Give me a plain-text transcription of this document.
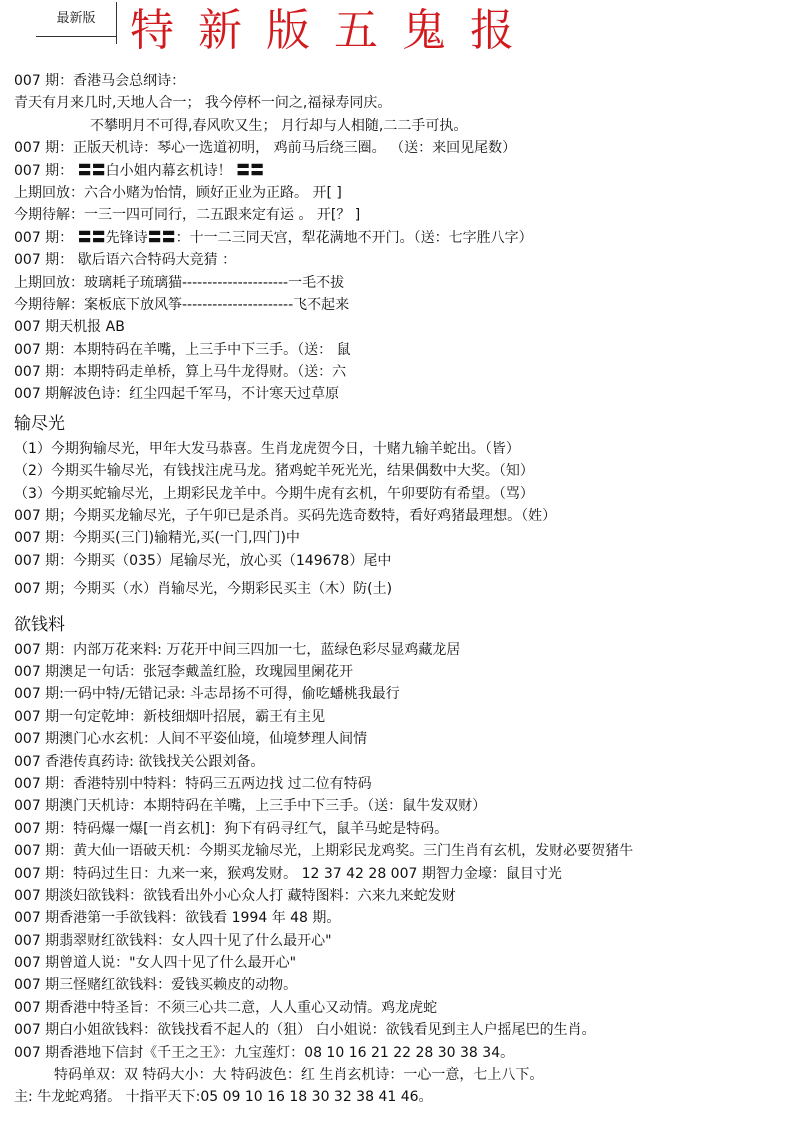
最新版 特新版五鬼报
007 期：香港马会总纲诗：
青天有月来几时,天地人合一； 我今停杯一问之,福禄寿同庆。
不攀明月不可得,春风吹又生； 月行却与人相随,二二手可执。
007 期：正版天机诗：琴心一选道初明， 鸡前马后绕三圈。 （送：来回见尾数）
007 期： 〓〓白小姐内幕玄机诗！ 〓〓
上期回放：六合小赌为怡情，顾好正业为正路。 开[ ]
今期待解：一三一四可同行，二五跟来定有运 。 开[？ ]
007 期： 〓〓先锋诗〓〓：十一二三同天宫，犁花满地不开门。（送：七字胜八字）
007 期： 歇后语六合特码大竞猜 ：
上期回放：玻璃耗子琉璃猫---------------------一毛不拔
今期待解：案板底下放风筝----------------------飞不起来
007 期天机报 AB
007 期：本期特码在羊嘴，上三手中下三手。（送： 鼠
007 期：本期特码走单桥，算上马牛龙得财。（送：六
007 期解波色诗：红尘四起千军马，不计寒天过草原
输尽光
（1）今期狗输尽光，甲年大发马恭喜。生肖龙虎贺今日，十赌九输羊蛇出。（皆）
（2）今期买牛输尽光，有钱找注虎马龙。猪鸡蛇羊死光光，结果偶数中大奖。（知）
（3）今期买蛇输尽光，上期彩民龙羊中。今期牛虎有玄机，午卯要防有希望。（骂）
007 期；今期买龙输尽光，子午卯已是杀肖。买码先选奇数特，看好鸡猪最理想。（姓）
007 期：今期买(三门)输精光,买(一门,四门)中
007 期：今期买（035）尾输尽光，放心买（149678）尾中
007 期；今期买（水）肖输尽光，今期彩民买主（木）防(土)
欲钱料
007 期：内部万花来料: 万花开中间三四加一七，蓝绿色彩尽显鸡藏龙居
007 期澳足一句话：张冠李戴盖红脸，玫瑰园里阑花开
007 期:一码中特/无错记录: 斗志昂扬不可得，偷吃蟠桃我最行
007 期一句定乾坤：新枝细烟叶招展，霸王有主见
007 期澳门心水玄机：人间不平姿仙境，仙境梦理人间情
007 香港传真药诗: 欲钱找关公跟刘备。
007 期：香港特别中特料：特码三五两边找 过二位有特码
007 期澳门天机诗：本期特码在羊嘴，上三手中下三手。（送：鼠牛发双财）
007 期：特码爆一爆[一肖玄机]：狗下有码寻红气，鼠羊马蛇是特码。
007 期：黄大仙一语破天机：今期买龙输尽光，上期彩民龙鸡奖。三门生肖有玄机，发财必要贺猪牛
007 期：特码过生日：九来一来，猴鸡发财。 12 37 42 28 007 期智力金壕：鼠目寸光
007 期淡妇欲钱料：欲钱看出外小心众人打 藏特图料：六来九来蛇发财
007 期香港第一手欲钱料：欲钱看 1994 年 48 期。
007 期翡翠财红欲钱料：女人四十见了什么最开心"
007 期曾道人说："女人四十见了什么最开心"
007 期三怪赌红欲钱料：爱钱买赖皮的动物。
007 期香港中特圣旨：不须三心共二意，人人重心又动情。鸡龙虎蛇
007 期白小姐欲钱料：欲钱找看不起人的（狙） 白小姐说：欲钱看见到主人户摇尾巴的生肖。
007 期香港地下信封《千王之王》：九宝莲灯：08 10 16 21 22 28 30 38 34。
特码单双：双 特码大小：大 特码波色：红 生肖玄机诗：一心一意，七上八下。
主: 牛龙蛇鸡猪。 十指平天下:05 09 10 16 18 30 32 38 41 46。
